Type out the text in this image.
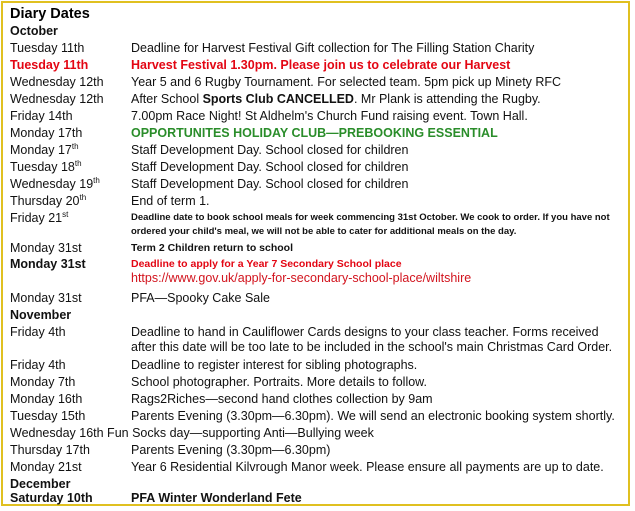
Diary Dates
October
Tuesday 11th	Deadline for Harvest Festival Gift collection for The Filling Station Charity
Tuesday 11th	Harvest Festival 1.30pm. Please join us to celebrate our Harvest
Wednesday 12th Year 5 and 6 Rugby Tournament. For selected team. 5pm pick up Minety RFC
Wednesday 12th After School Sports Club CANCELLED. Mr Plank is attending the Rugby.
Friday 14th	7.00pm Race Night! St Aldhelm's Church Fund raising event. Town Hall.
Monday 17th	OPPORTUNITES HOLIDAY CLUB—PREBOOKING ESSENTIAL
Monday 17th	Staff Development Day. School closed for children
Tuesday 18th	Staff Development Day. School closed for children
Wednesday 19th Staff Development Day. School closed for children
Thursday 20th	End of term 1.
Friday 21st	Deadline date to book school meals for week commencing 31st October. We cook to order. If you have not ordered your child's meal, we will not be able to cater for additional meals on the day.
Monday 31st	Term 2 Children return to school
Monday 31st	Deadline to apply for a Year 7 Secondary School place
https://www.gov.uk/apply-for-secondary-school-place/wiltshire
Monday 31st	PFA—Spooky Cake Sale
November
Friday 4th	Deadline to hand in Cauliflower Cards designs to your class teacher. Forms received after this date will be too late to be included in the school's main Christmas Card Order.
Friday 4th	Deadline to register interest for sibling photographs.
Monday 7th	School photographer. Portraits. More details to follow.
Monday 16th	Rags2Riches—second hand clothes collection by 9am
Tuesday 15th	Parents Evening (3.30pm—6.30pm). We will send an electronic booking system shortly.
Wednesday 16th Fun Socks day—supporting Anti—Bullying week
Thursday 17th	Parents Evening (3.30pm—6.30pm)
Monday 21st	Year 6 Residential Kilvrough Manor week. Please ensure all payments are up to date.
December
Saturday 10th	PFA Winter Wonderland Fete
